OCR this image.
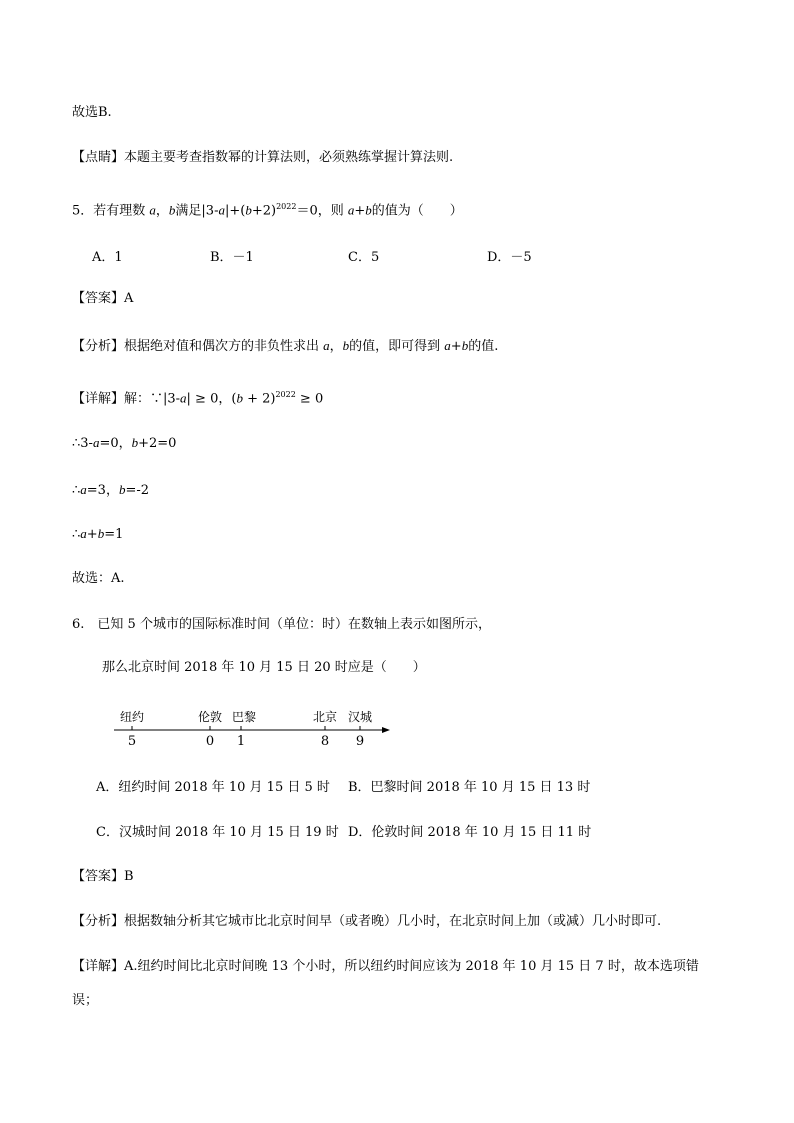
故选B.
【点睛】本题主要考查指数幂的计算法则，必须熟练掌握计算法则.
5．若有理数 a，b满足$|3-a|+(b+2)^{2022}=0$，则 a+b的值为（　　）
A．1	B．－1	C．5	D．－5
【答案】A
【分析】根据绝对值和偶次方的非负性求出 a，b的值，即可得到 a+b的值.
【详解】解：∵|3-a| ≥ 0，$(b + 2)^{2022} \ge 0$
∴3-a=0，b+2=0
∴a=3，b=-2
∴a+b=1
故选：A.
6.　已知 5 个城市的国际标准时间（单位：时）在数轴上表示如图所示，
那么北京时间 2018 年 10 月 15 日 20 时应是（　　）
纽约	伦敦 巴黎	北京 汉城
5	0 1	8 9
A．纽约时间 2018 年 10 月 15 日 5 时 B．巴黎时间 2018 年 10 月 15 日 13 时
C．汉城时间 2018 年 10 月 15 日 19 时 D．伦敦时间 2018 年 10 月 15 日 11 时
【答案】B
【分析】根据数轴分析其它城市比北京时间早（或者晚）几小时，在北京时间上加（或减）几小时即可.
【详解】A.纽约时间比北京时间晚 13 个小时，所以纽约时间应该为 2018 年 10 月 15 日 7 时，故本选项错
误；
